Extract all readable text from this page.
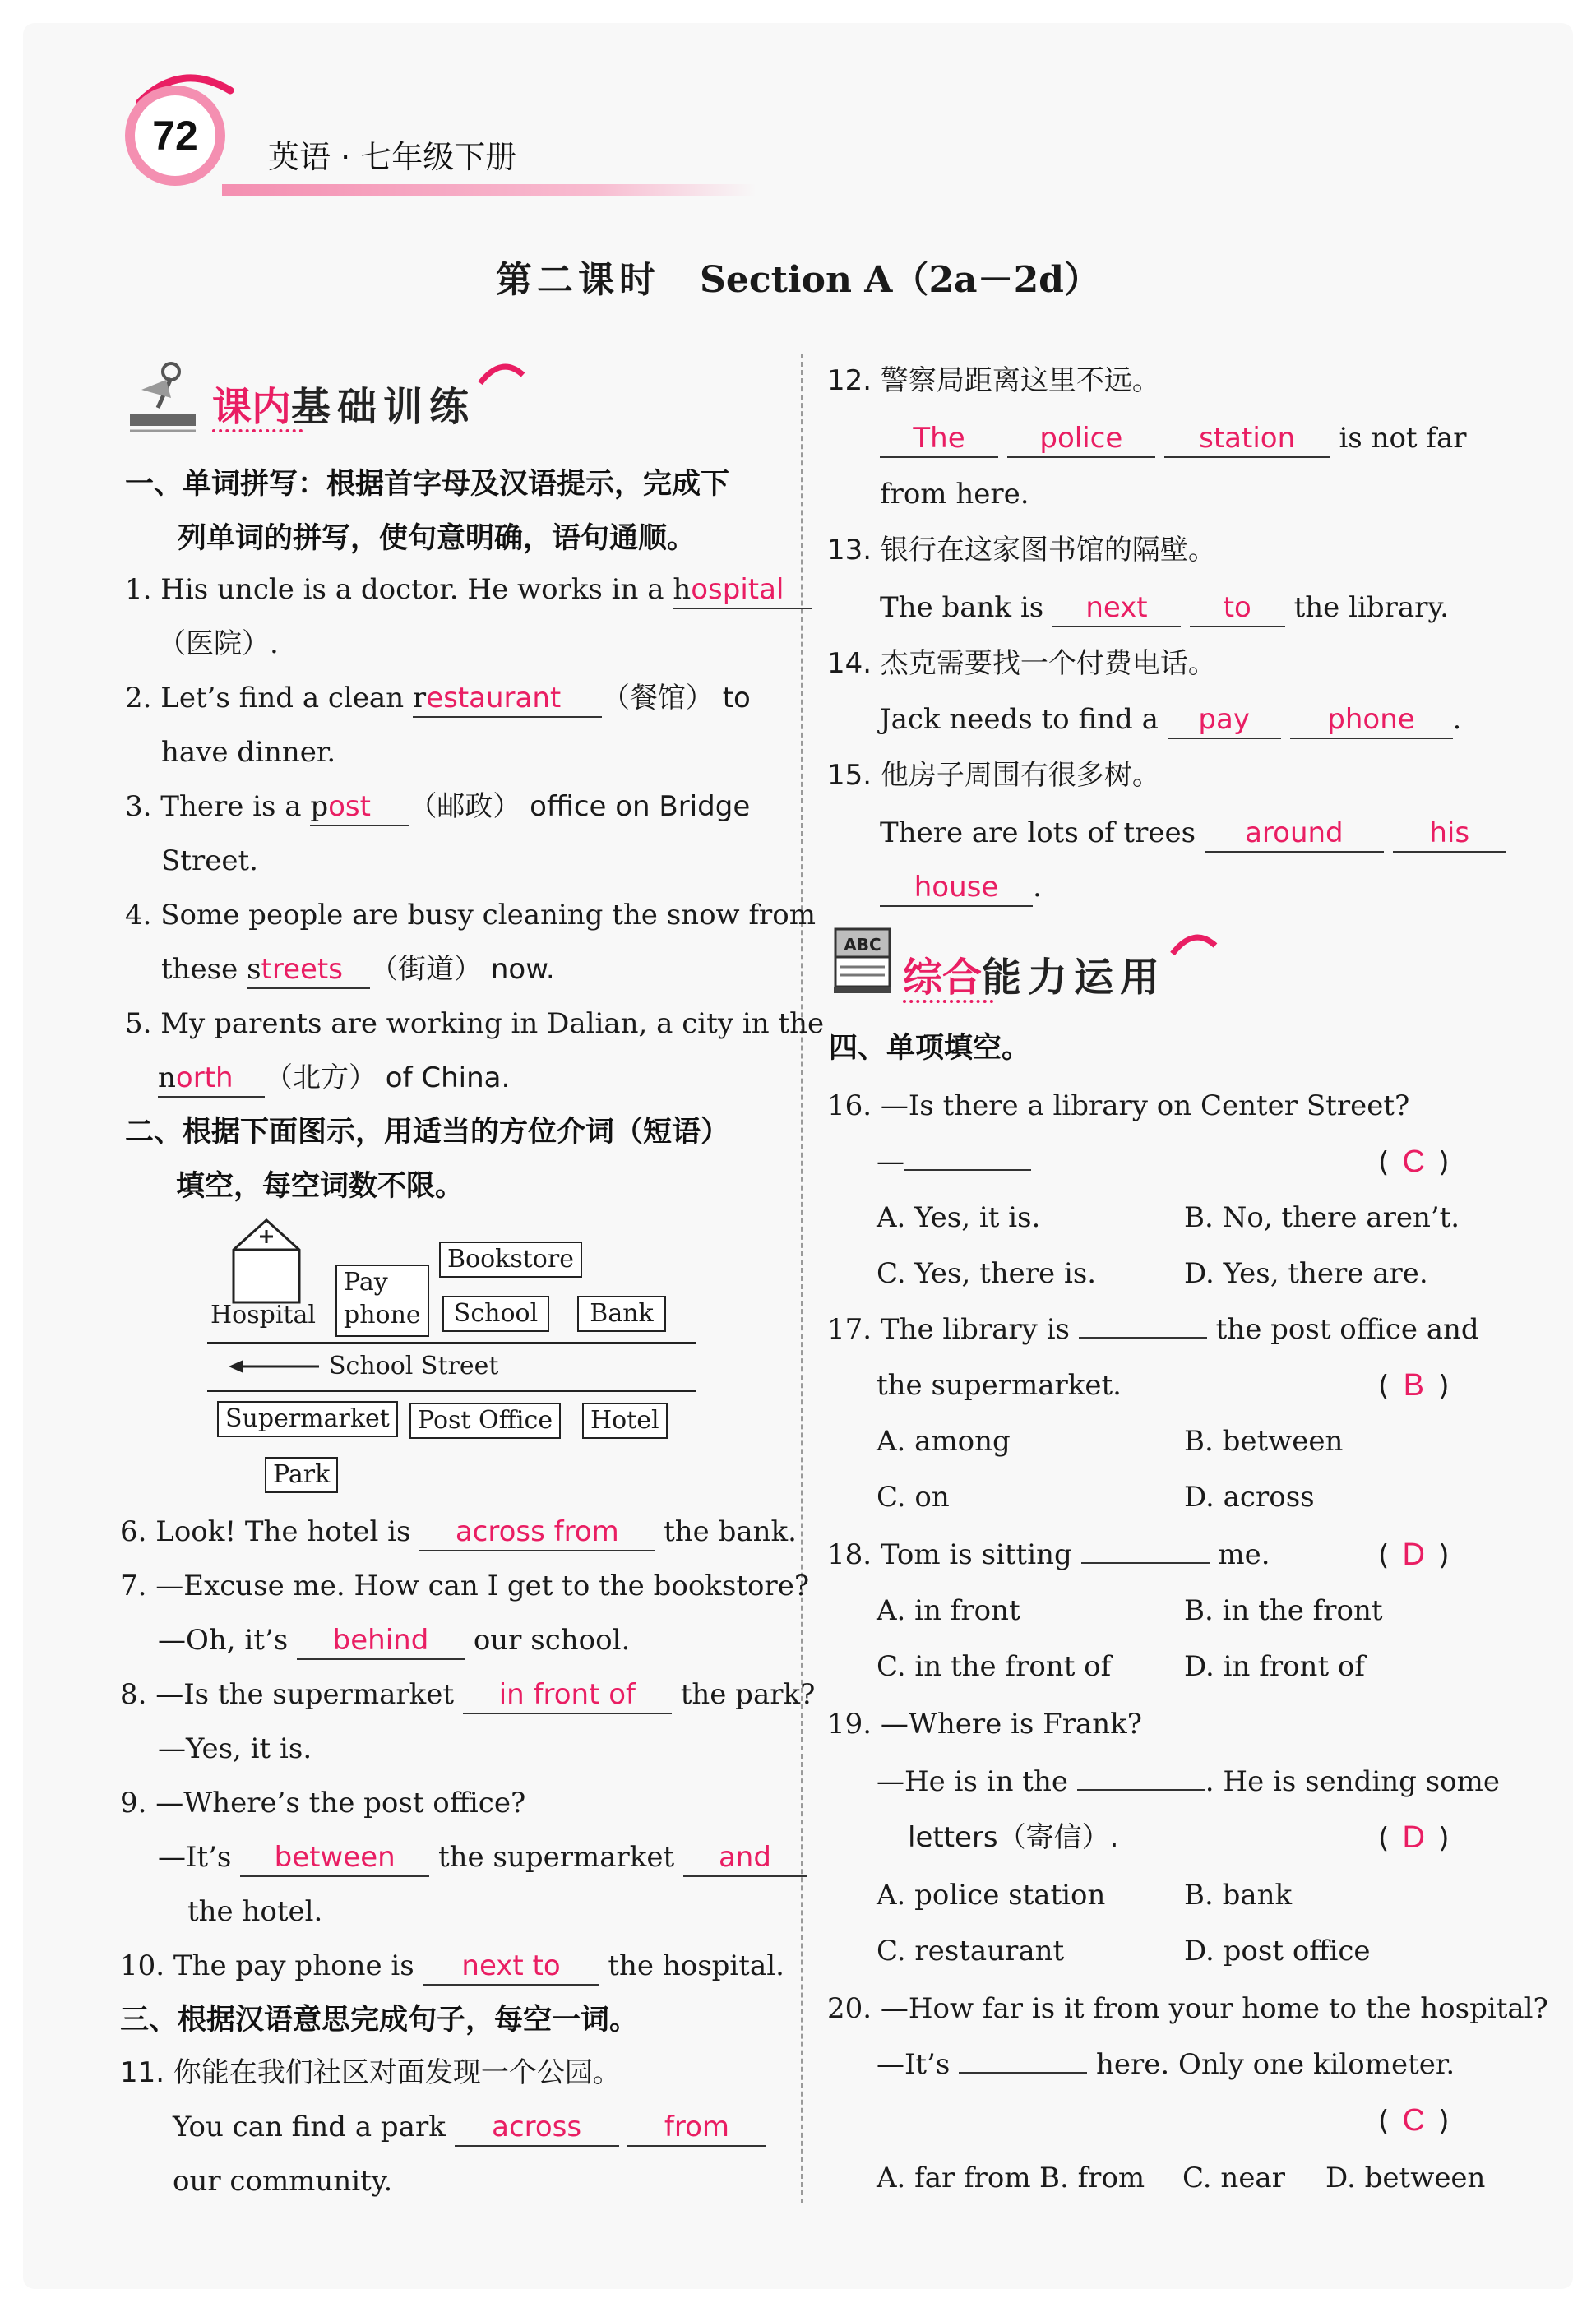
72	英语 · 七年级下册
第二课时 Section A（2a－2d）
课内基础训练
一、单词拼写：根据首字母及汉语提示，完成下
列单词的拼写，使句意明确，语句通顺。
1. His uncle is a doctor. He works in a hospital
（医院）.
2. Let’s find a clean restaurant （餐馆） to
have dinner.
3. There is a post （邮政） office on Bridge
Street.
4. Some people are busy cleaning the snow from
these streets （街道） now.
5. My parents are working in Dalian, a city in the
north （北方） of China.
二、根据下面图示，用适当的方位介词（短语）
填空，每空词数不限。
Hospital
Pay
phone
Bookstore
School	Bank
School Street
Supermarket	Post Office	Hotel
Park
6. Look! The hotel is across from the bank.
7. —Excuse me. How can I get to the bookstore?
—Oh, it’s behind our school.
8. —Is the supermarket in front of the park?
—Yes, it is.
9. —Where’s the post office?
—It’s between the supermarket and
the hotel.
10. The pay phone is next to the hospital.
三、根据汉语意思完成句子，每空一词。
11. 你能在我们社区对面发现一个公园。
You can find a park across	from
our community.
12. 警察局距离这里不远。
The	police	station is not far
from here.
13. 银行在这家图书馆的隔壁。
The bank is next	to the library.
14. 杰克需要找一个付费电话。
Jack needs to find a pay	phone .
15. 他房子周围有很多树。
There are lots of trees around	his
house .
ABC
综合能力运用
四、单项填空。
16. —Is there a library on Center Street?
—	( C )
A. Yes, it is.	B. No, there aren’t.
C. Yes, there is.	D. Yes, there are.
17. The library is	the post office and
the supermarket.	( B )
A. among	B. between
C. on	D. across
18. Tom is sitting	me.	( D )
A. in front	B. in the front
C. in the front of	D. in front of
19. —Where is Frank?
—He is in the	. He is sending some
letters（寄信）.	( D )
A. police station	B. bank
C. restaurant	D. post office
20. —How far is it from your home to the hospital?
—It’s	here. Only one kilometer.
( C )
A. far from B. from C. near D. between
